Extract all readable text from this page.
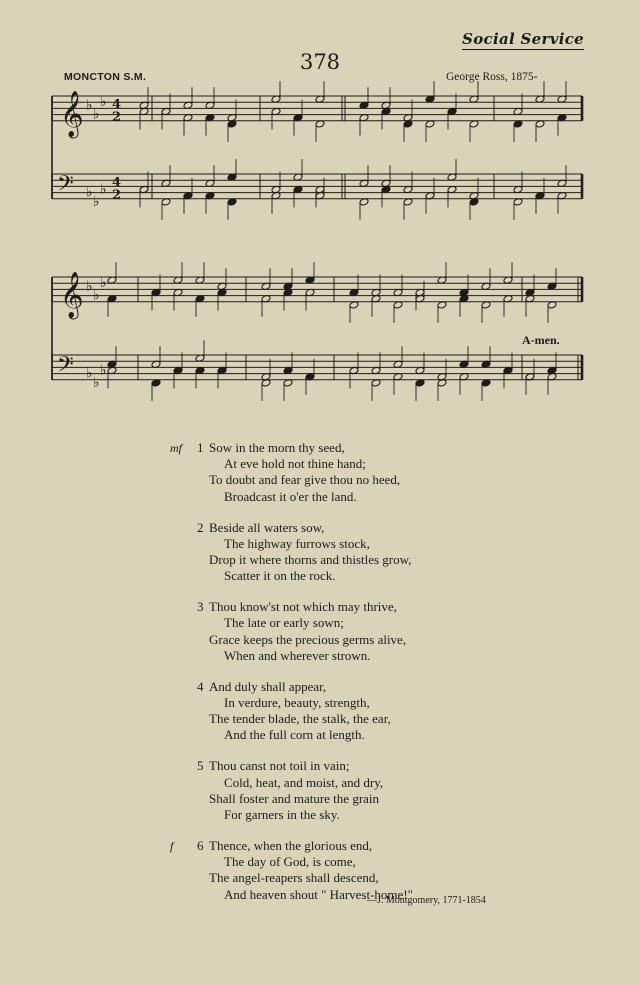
Social Service
378
MONCTON S.M.	George Ross, 1875-
𝄞 ♭
♭
♭ 4
2
𝄢 ♭
♭
♭ 4
2
𝄞 ♭
♭
♭
𝄢 ♭
♭
♭
A-men.
mf	1 Sow in the morn thy seed,
At eve hold not thine hand;
To doubt and fear give thou no heed,
Broadcast it o'er the land.
2 Beside all waters sow,
The highway furrows stock,
Drop it where thorns and thistles grow,
Scatter it on the rock.
3 Thou know'st not which may thrive,
The late or early sown;
Grace keeps the precious germs alive,
When and wherever strown.
4 And duly shall appear,
In verdure, beauty, strength,
The tender blade, the stalk, the ear,
And the full corn at length.
5 Thou canst not toil in vain;
Cold, heat, and moist, and dry,
Shall foster and mature the grain
For garners in the sky.
6 Thence, when the glorious end,
The day of God, is come,
The angel-reapers shall descend,
f
And heaven shout " Harvest-home!"
—J. Montgomery, 1771-1854
